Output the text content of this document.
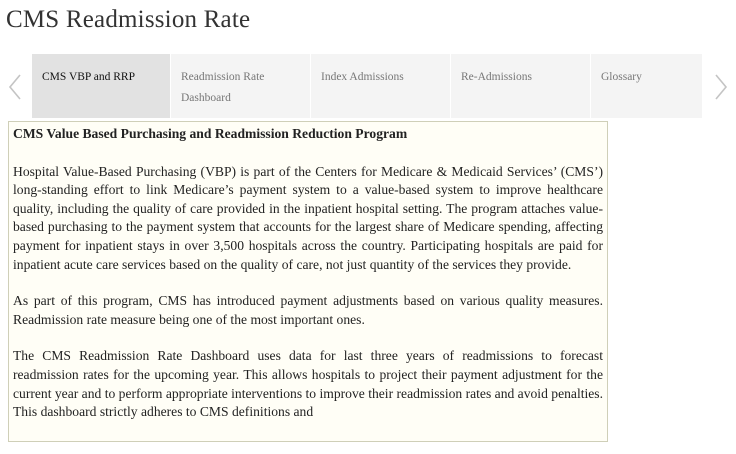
CMS Readmission Rate
CMS VBP and RRP	Readmission Rate Dashboard
Index Admissions	Re-Admissions	Glossary
CMS Value Based Purchasing and Readmission Reduction Program

Hospital Value-Based Purchasing (VBP) is part of the Centers for Medicare & Medicaid Services’ (CMS’) long-standing effort to link Medicare’s payment system to a value-based system to improve healthcare quality, including the quality of care provided in the inpatient hospital setting. The program attaches value-based purchasing to the payment system that accounts for the largest share of Medicare spending, affecting payment for inpatient stays in over 3,500 hospitals across the country. Participating hospitals are paid for inpatient acute care services based on the quality of care, not just quantity of the services they provide.

As part of this program, CMS has introduced payment adjustments based on various quality measures. Readmission rate measure being one of the most important ones.

The CMS Readmission Rate Dashboard uses data for last three years of readmissions to forecast readmission rates for the upcoming year. This allows hospitals to project their payment adjustment for the current year and to perform appropriate interventions to improve their readmission rates and avoid penalties. This dashboard strictly adheres to CMS definitions and
